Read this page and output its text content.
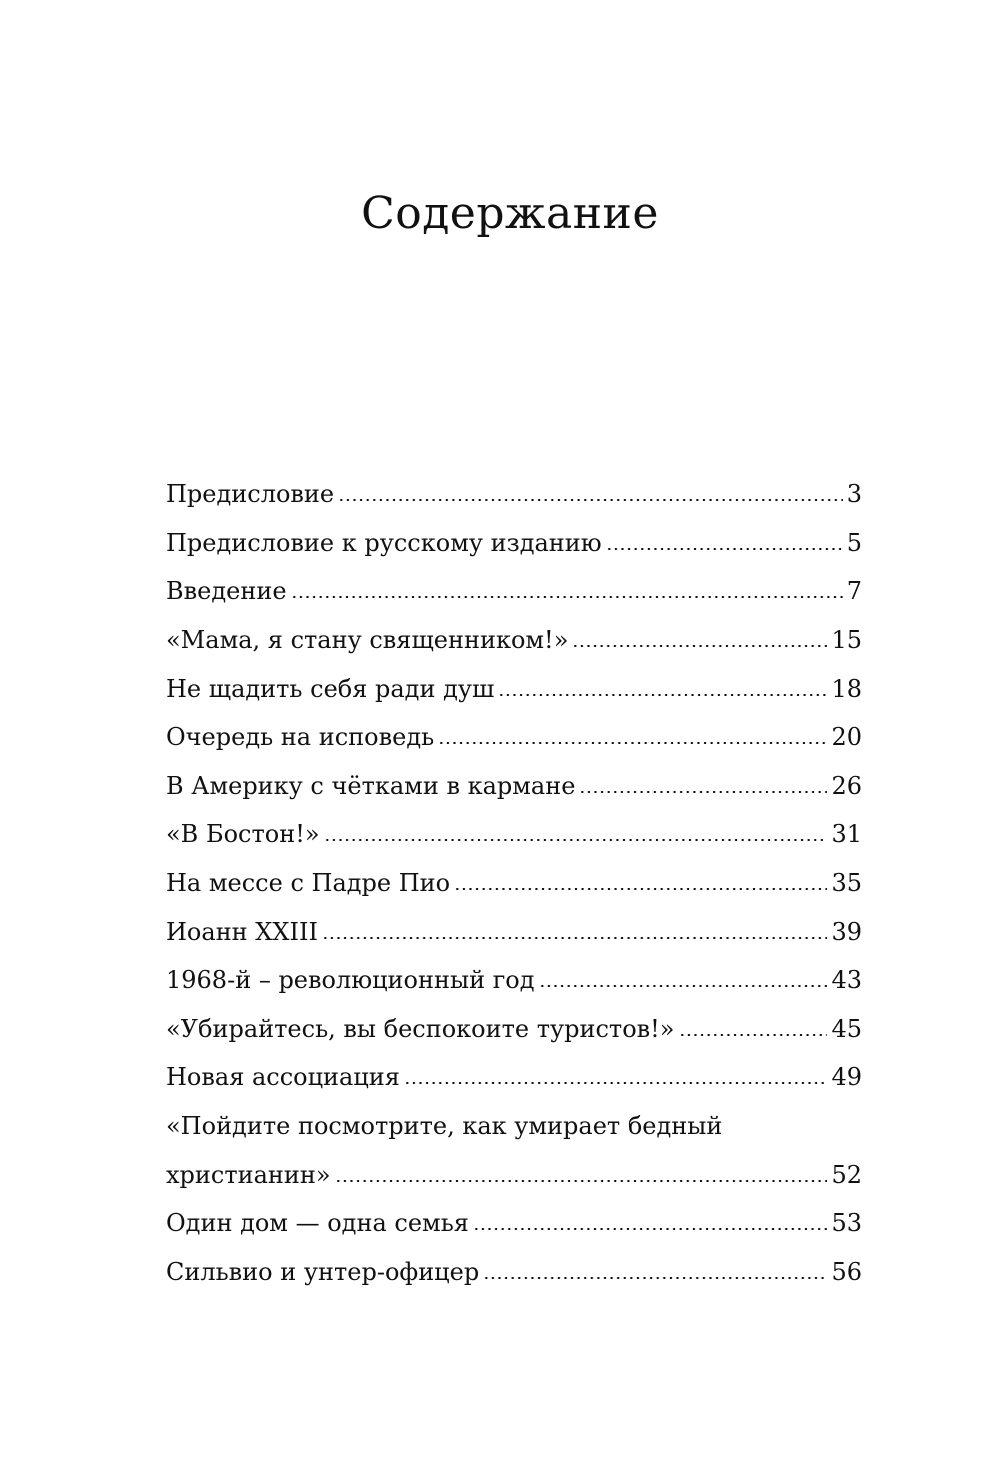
Содержание
Предисловие	3
Предисловие к русскому изданию	5
Введение	7
«Мама, я стану священником!»	15
Не щадить себя ради душ	18
Очередь на исповедь	20
В Америку с чётками в кармане	26
«В Бостон!»	31
На мессе с Падре Пио	35
Иоанн XXIII	39
1968-й – революционный год	43
«Убирайтесь, вы беспокоите туристов!»	45
Новая ассоциация	49
«Пойдите посмотрите, как умирает бедный
христианин»	52
Один дом — одна семья	53
Сильвио и унтер-офицер	56
